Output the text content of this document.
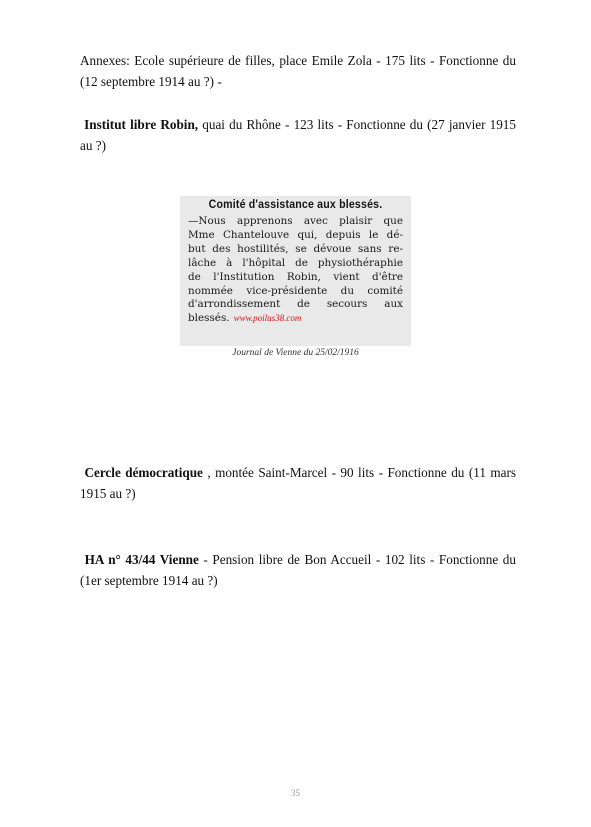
Annexes: Ecole supérieure de filles, place Emile Zola - 175 lits - Fonctionne du (12 septembre 1914 au ?) -
Institut libre Robin, quai du Rhône - 123 lits - Fonctionne du (27 janvier 1915 au ?)
Comité d'assistance aux blessés.
—Nous apprenons avec plaisir que
Mme Chantelouve qui, depuis le dé-
but des hostilités, se dévoue sans re-
lâche à l'hôpital de physiothéraphie
de l'Institution Robin, vient d'être
nommée vice-présidente du comité
d'arrondissement de secours aux
blessés. www.poilus38.com
Journal de Vienne du 25/02/1916
Cercle démocratique , montée Saint-Marcel - 90 lits - Fonctionne du (11 mars 1915 au ?)
HA n° 43/44 Vienne - Pension libre de Bon Accueil - 102 lits - Fonctionne du (1er septembre 1914 au ?)
35
